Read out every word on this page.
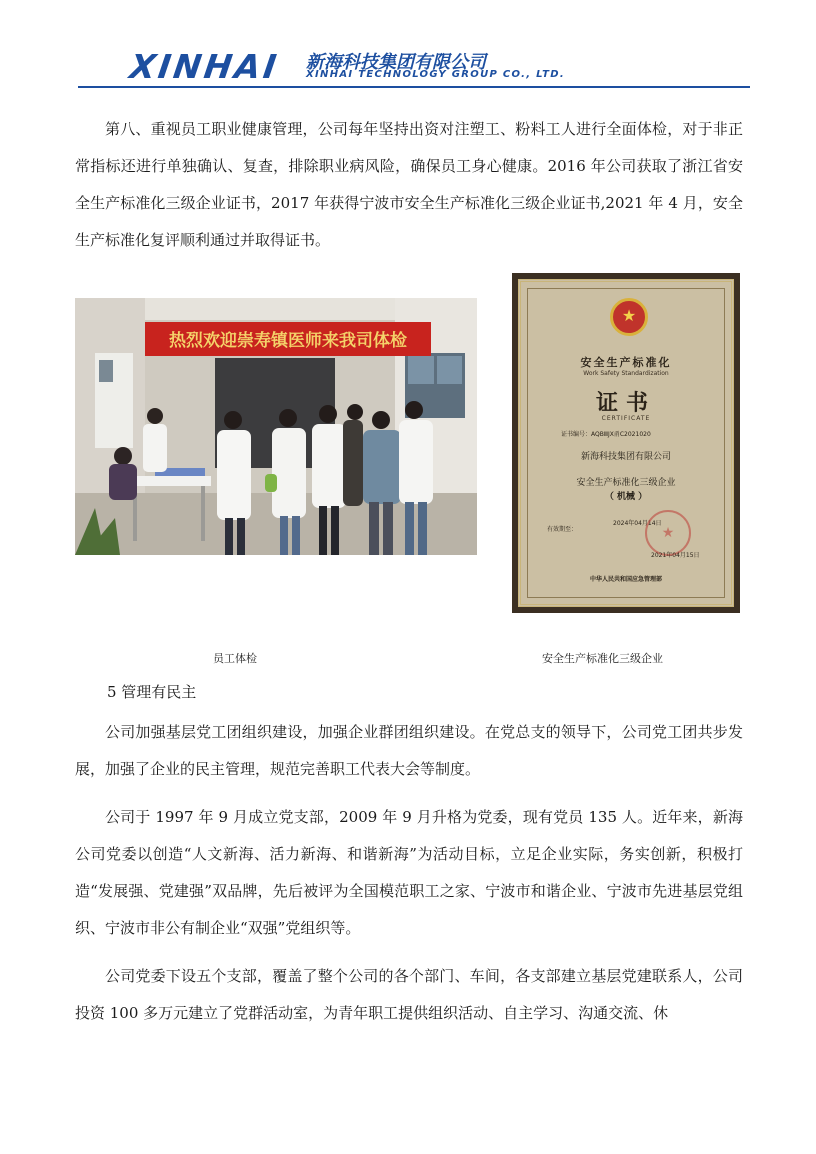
XINHAI 新海科技集团有限公司
XINHAI TECHNOLOGY GROUP CO., LTD.

第八、重视员工职业健康管理，公司每年坚持出资对注塑工、粉料工人进行全面体检，对于非正常指标还进行单独确认、复查，排除职业病风险，确保员工身心健康。2016 年公司获取了浙江省安全生产标准化三级企业证书，2017 年获得宁波市安全生产标准化三级企业证书,2021 年 4 月，安全生产标准化复评顺利通过并取得证书。

热烈欢迎崇寿镇医师来我司体检
★
安全生产标准化
Work Safety Standardization
证书
CERTIFICATE
证书编号：AQBⅢJX甬C2021020
新海科技集团有限公司
安全生产标准化三级企业
（ 机械 ）
有效期至：
2024年04月14日
★
2021年04月15日
中华人民共和国应急管理部
员工体检	安全生产标准化三级企业

5 管理有民主

公司加强基层党工团组织建设，加强企业群团组织建设。在党总支的领导下，公司党工团共步发展，加强了企业的民主管理，规范完善职工代表大会等制度。

公司于 1997 年 9 月成立党支部，2009 年 9 月升格为党委，现有党员 135 人。近年来，新海公司党委以创造“人文新海、活力新海、和谐新海”为活动目标，立足企业实际，务实创新，积极打造“发展强、党建强”双品牌，先后被评为全国模范职工之家、宁波市和谐企业、宁波市先进基层党组织、宁波市非公有制企业“双强”党组织等。

公司党委下设五个支部，覆盖了整个公司的各个部门、车间，各支部建立基层党建联系人，公司投资 100 多万元建立了党群活动室，为青年职工提供组织活动、自主学习、沟通交流、休
